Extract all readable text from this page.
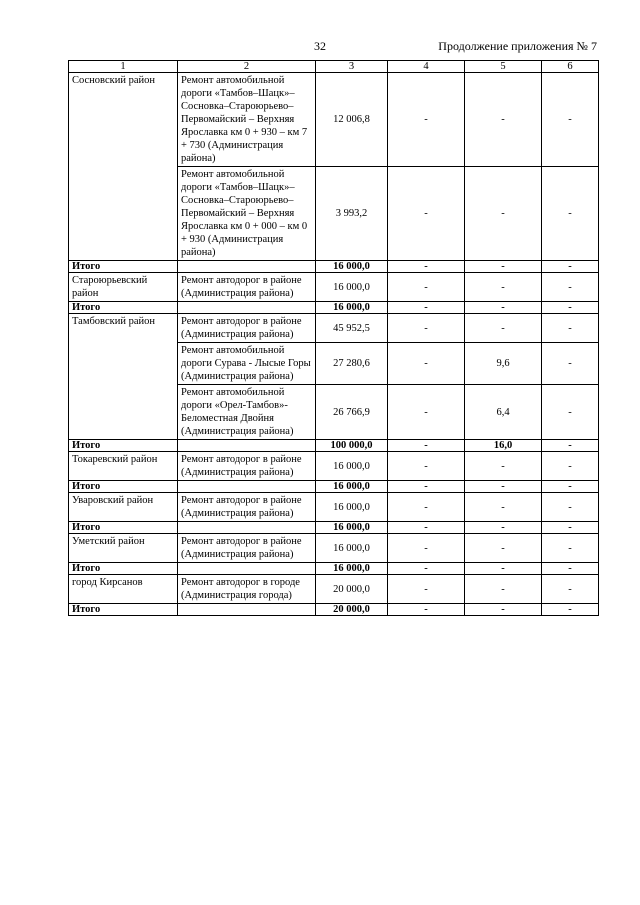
32	Продолжение приложения № 7
1	2	3	4	5	6
Сосновский район	Ремонт автомобильной дороги «Тамбов–Шацк»–Сосновка–Староюрьево–Первомайский – Верхняя Ярославка км 0 + 930 – км 7 + 730 (Администрация района)	12 006,8	-	-	-
	Ремонт автомобильной дороги «Тамбов–Шацк»–Сосновка–Староюрьево–Первомайский – Верхняя Ярославка км 0 + 000 – км 0 + 930 (Администрация района)	3 993,2	-	-	-
Итого		16 000,0	-	-	-
Староюрьевский район	Ремонт автодорог в районе (Администрация района)	16 000,0	-	-	-
Итого		16 000,0	-	-	-
Тамбовский район	Ремонт автодорог в районе (Администрация района)	45 952,5	-	-	-
	Ремонт автомобильной дороги Сурава - Лысые Горы (Администрация района)	27 280,6	-	9,6	-
	Ремонт автомобильной дороги «Орел-Тамбов»-Беломестная Двойня (Администрация района)	26 766,9	-	6,4	-
Итого		100 000,0	-	16,0	-
Токаревский район	Ремонт автодорог в районе (Администрация района)	16 000,0	-	-	-
Итого		16 000,0	-	-	-
Уваровский район	Ремонт автодорог в районе (Администрация района)	16 000,0	-	-	-
Итого		16 000,0	-	-	-
Уметский район	Ремонт автодорог в районе (Администрация района)	16 000,0	-	-	-
Итого		16 000,0	-	-	-
город Кирсанов	Ремонт автодорог в городе (Администрация города)	20 000,0	-	-	-
Итого		20 000,0	-	-	-
